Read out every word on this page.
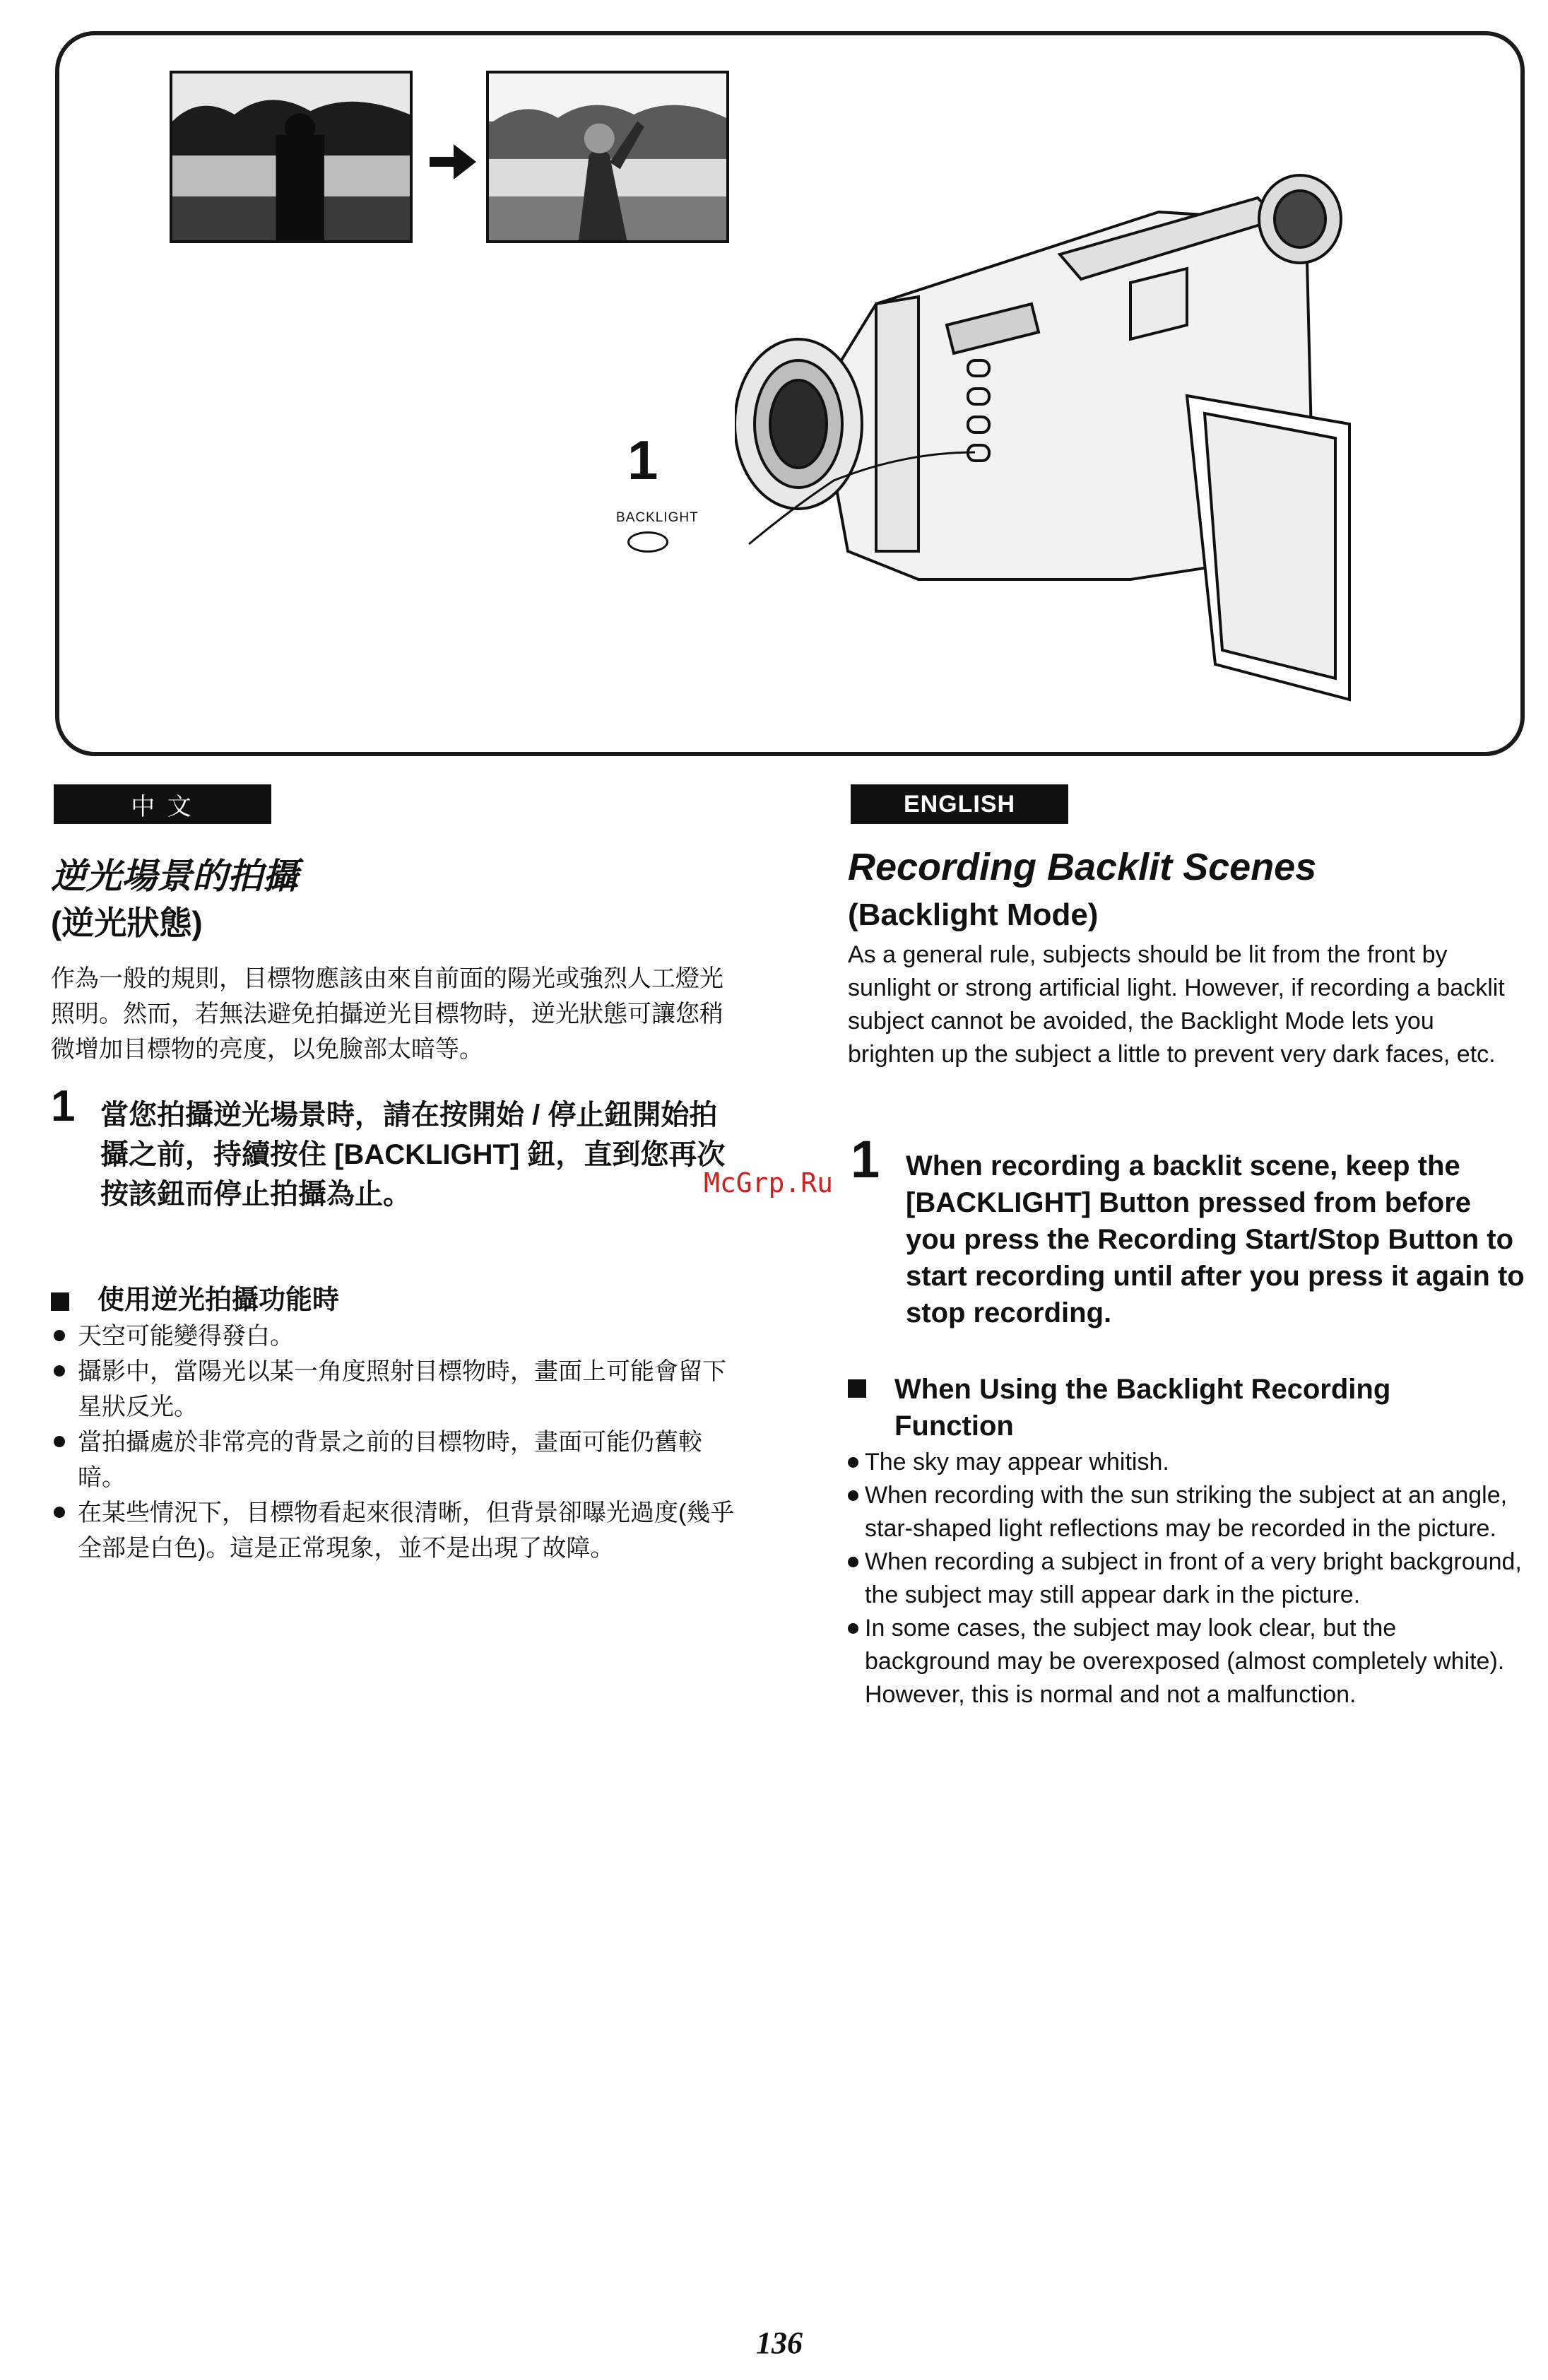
1
BACKLIGHT
中 文	ENGLISH
逆光場景的拍攝
(逆光狀態)

作為一般的規則，目標物應該由來自前面的陽光或強烈人工燈光照明。然而，若無法避免拍攝逆光目標物時，逆光狀態可讓您稍微增加目標物的亮度，以免臉部太暗等。

1 當您拍攝逆光場景時，請在按開始 / 停止鈕開始拍攝之前，持續按住 [BACKLIGHT] 鈕，直到您再次按該鈕而停止拍攝為止。

使用逆光拍攝功能時
天空可能變得發白。
攝影中，當陽光以某一角度照射目標物時，畫面上可能會留下星狀反光。
當拍攝處於非常亮的背景之前的目標物時，畫面可能仍舊較暗。
在某些情況下，目標物看起來很清晰，但背景卻曝光過度(幾乎全部是白色)。這是正常現象，並不是出現了故障。
Recording Backlit Scenes
(Backlight Mode)

As a general rule, subjects should be lit from the front by sunlight or strong artificial light. However, if recording a backlit subject cannot be avoided, the Backlight Mode lets you brighten up the subject a little to prevent very dark faces, etc.

1 When recording a backlit scene, keep the [BACKLIGHT] Button pressed from before you press the Recording Start/Stop Button to start recording until after you press it again to stop recording.

When Using the Backlight Recording Function
The sky may appear whitish.
When recording with the sun striking the subject at an angle, star-shaped light reflections may be recorded in the picture.
When recording a subject in front of a very bright background, the subject may still appear dark in the picture.
In some cases, the subject may look clear, but the background may be overexposed (almost completely white). However, this is normal and not a malfunction.
McGrp.Ru
136
